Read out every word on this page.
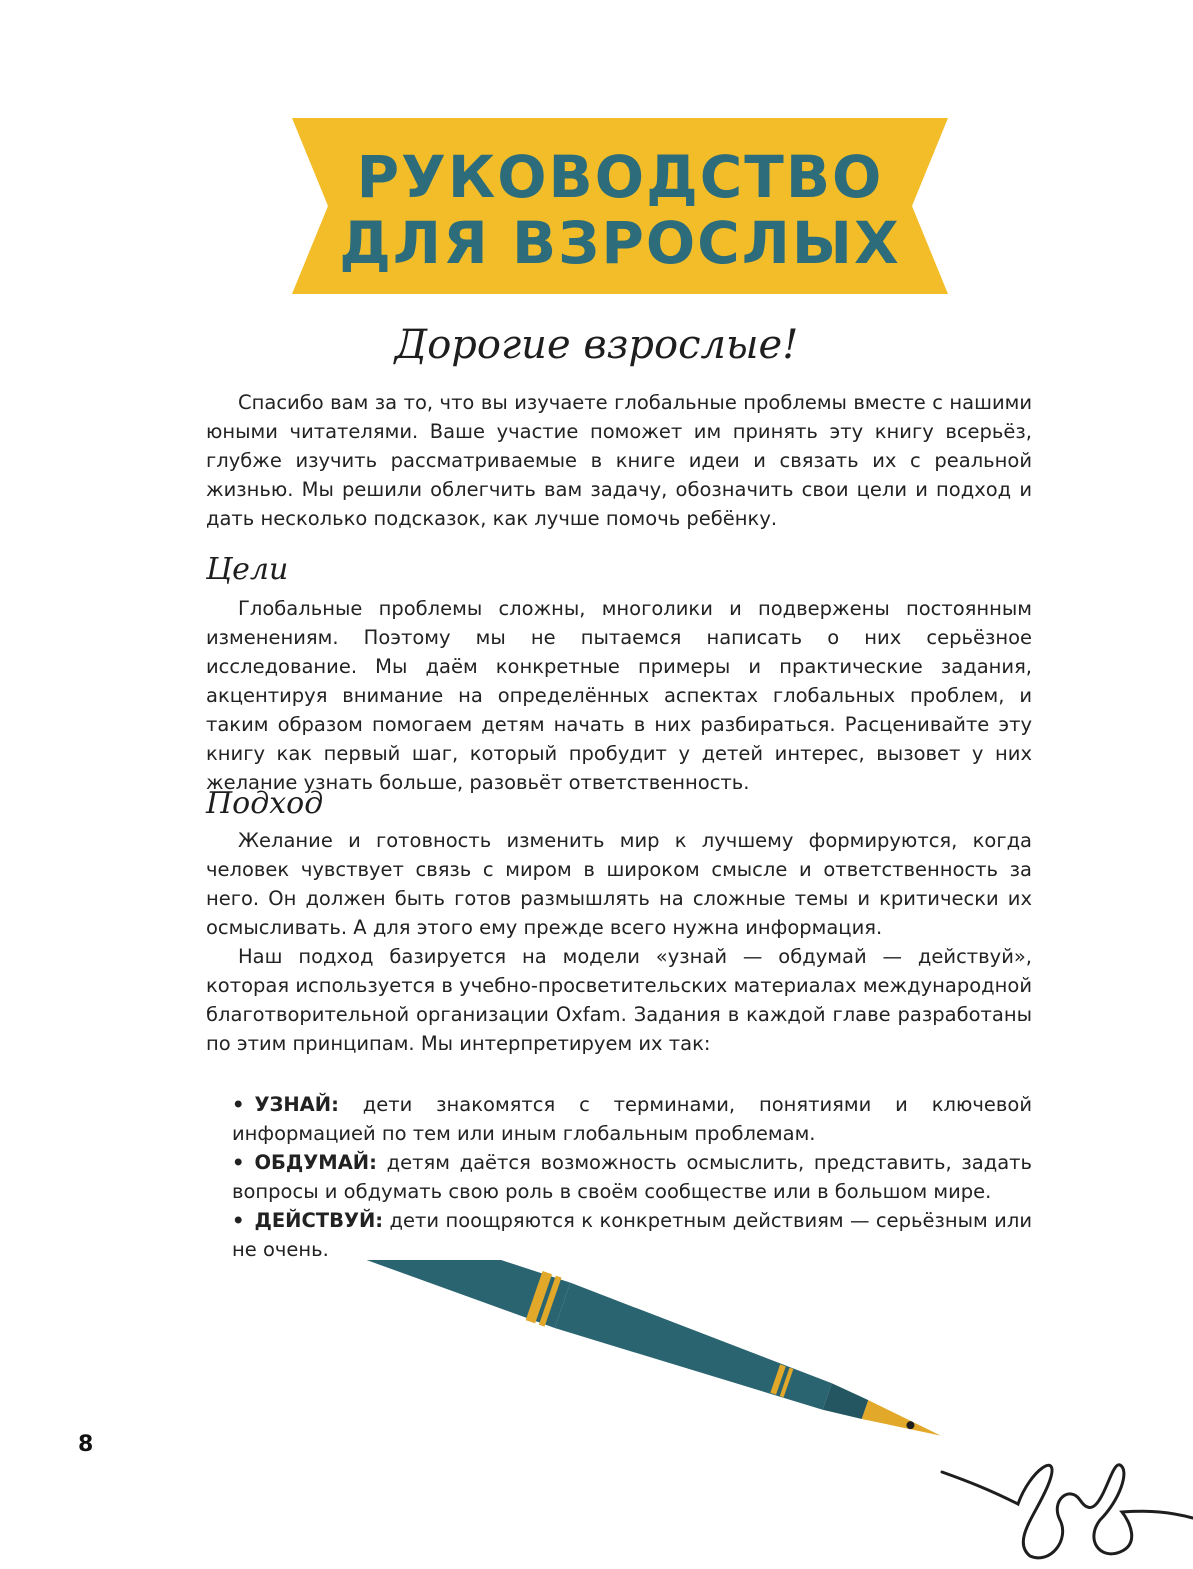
РУКОВОДСТВО
ДЛЯ ВЗРОСЛЫХ
Дорогие взрослые!

Спасибо вам за то, что вы изучаете глобальные проблемы вместе с нашими юными читателями. Ваше участие поможет им принять эту книгу всерьёз, глубже изучить рассматриваемые в книге идеи и связать их с реальной жизнью. Мы решили облегчить вам задачу, обозначить свои цели и подход и дать несколько подсказок, как лучше помочь ребёнку.

Цели

Глобальные проблемы сложны, многолики и подвержены постоянным изменениям. Поэтому мы не пытаемся написать о них серьёзное исследование. Мы даём конкретные примеры и практические задания, акцентируя внимание на определённых аспектах глобальных проблем, и таким образом помогаем детям начать в них разбираться. Расценивайте эту книгу как первый шаг, который пробудит у детей интерес, вызовет у них желание узнать больше, разовьёт ответственность.

Подход

Желание и готовность изменить мир к лучшему формируются, когда человек чувствует связь с миром в широком смысле и ответственность за него. Он должен быть готов размышлять на сложные темы и критически их осмысливать. А для этого ему прежде всего нужна информация.

Наш подход базируется на модели «узнай — обдумай — действуй», которая используется в учебно-просветительских материалах международной благотворительной организации Oxfam. Задания в каждой главе разработаны по этим принципам. Мы интерпретируем их так:

• УЗНАЙ: дети знакомятся с терминами, понятиями и ключевой информацией по тем или иным глобальным проблемам.
• ОБДУМАЙ: детям даётся возможность осмыслить, представить, задать вопросы и обдумать свою роль в своём сообществе или в большом мире.
• ДЕЙСТВУЙ: дети поощряются к конкретным действиям — серьёзным или не очень.
8
